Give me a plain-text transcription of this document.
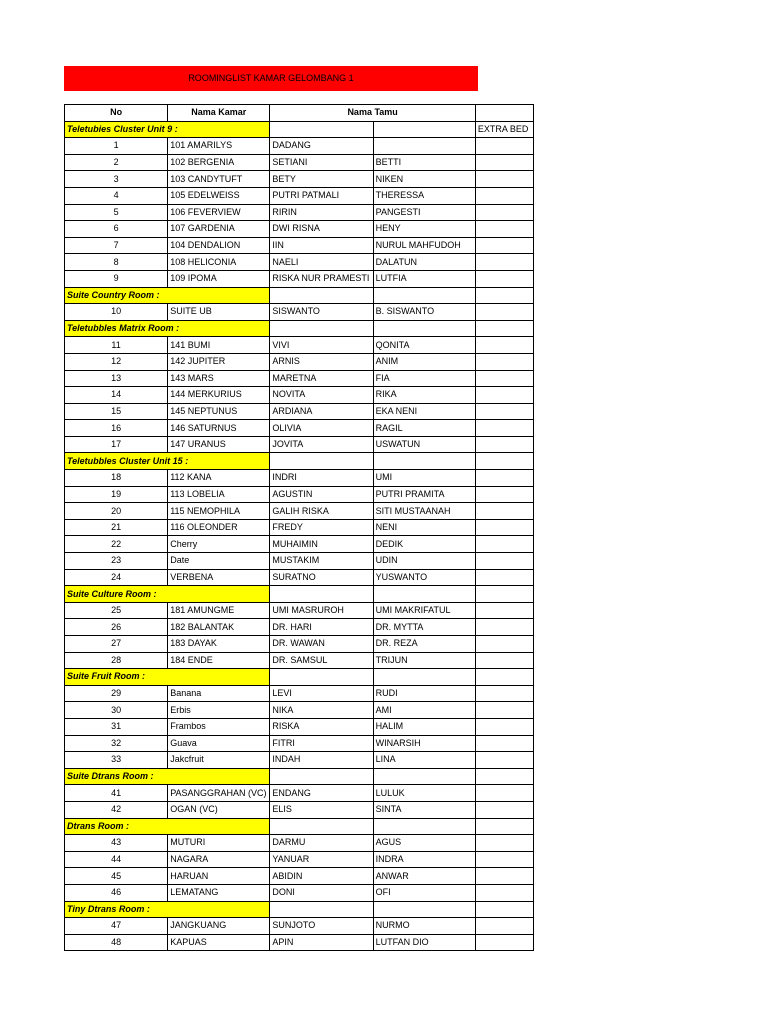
ROOMINGLIST KAMAR GELOMBANG 1
No	Nama Kamar	Nama Tamu		
Teletubies Cluster Unit 9 :				EXTRA BED
1	101 AMARILYS	DADANG		
2	102 BERGENIA	SETIANI	BETTI	
3	103 CANDYTUFT	BETY	NIKEN	
4	105 EDELWEISS	PUTRI PATMALI	THERESSA	
5	106 FEVERVIEW	RIRIN	PANGESTI	
6	107 GARDENIA	DWI RISNA	HENY	
7	104 DENDALION	IIN	NURUL MAHFUDOH	
8	108 HELICONIA	NAELI	DALATUN	
9	109 IPOMA	RISKA NUR PRAMESTI	LUTFIA	
Suite Country Room :				
10	SUITE UB	SISWANTO	B. SISWANTO	
Teletubbles Matrix Room :				
11	141 BUMI	VIVI	QONITA	
12	142 JUPITER	ARNIS	ANIM	
13	143 MARS	MARETNA	FIA	
14	144 MERKURIUS	NOVITA	RIKA	
15	145 NEPTUNUS	ARDIANA	EKA NENI	
16	146 SATURNUS	OLIVIA	RAGIL	
17	147 URANUS	JOVITA	USWATUN	
Teletubbles Cluster Unit 15 :				
18	112 KANA	INDRI	UMI	
19	113 LOBELIA	AGUSTIN	PUTRI PRAMITA	
20	115 NEMOPHILA	GALIH RISKA	SITI MUSTAANAH	
21	116 OLEONDER	FREDY	NENI	
22	Cherry	MUHAIMIN	DEDIK	
23	Date	MUSTAKIM	UDIN	
24	VERBENA	SURATNO	YUSWANTO	
Suite Culture Room :				
25	181 AMUNGME	UMI MASRUROH	UMI MAKRIFATUL	
26	182 BALANTAK	DR. HARI	DR. MYTTA	
27	183 DAYAK	DR. WAWAN	DR. REZA	
28	184 ENDE	DR. SAMSUL	TRIJUN	
Suite Fruit Room :				
29	Banana	LEVI	RUDI	
30	Erbis	NIKA	AMI	
31	Frambos	RISKA	HALIM	
32	Guava	FITRI	WINARSIH	
33	Jakcfruit	INDAH	LINA	
Suite Dtrans Room :				
41	PASANGGRAHAN (VC)	ENDANG	LULUK	
42	OGAN (VC)	ELIS	SINTA	
Dtrans Room :				
43	MUTURI	DARMU	AGUS	
44	NAGARA	YANUAR	INDRA	
45	HARUAN	ABIDIN	ANWAR	
46	LEMATANG	DONI	OFI	
Tiny Dtrans Room :				
47	JANGKUANG	SUNJOTO	NURMO	
48	KAPUAS	APIN	LUTFAN DIO	
